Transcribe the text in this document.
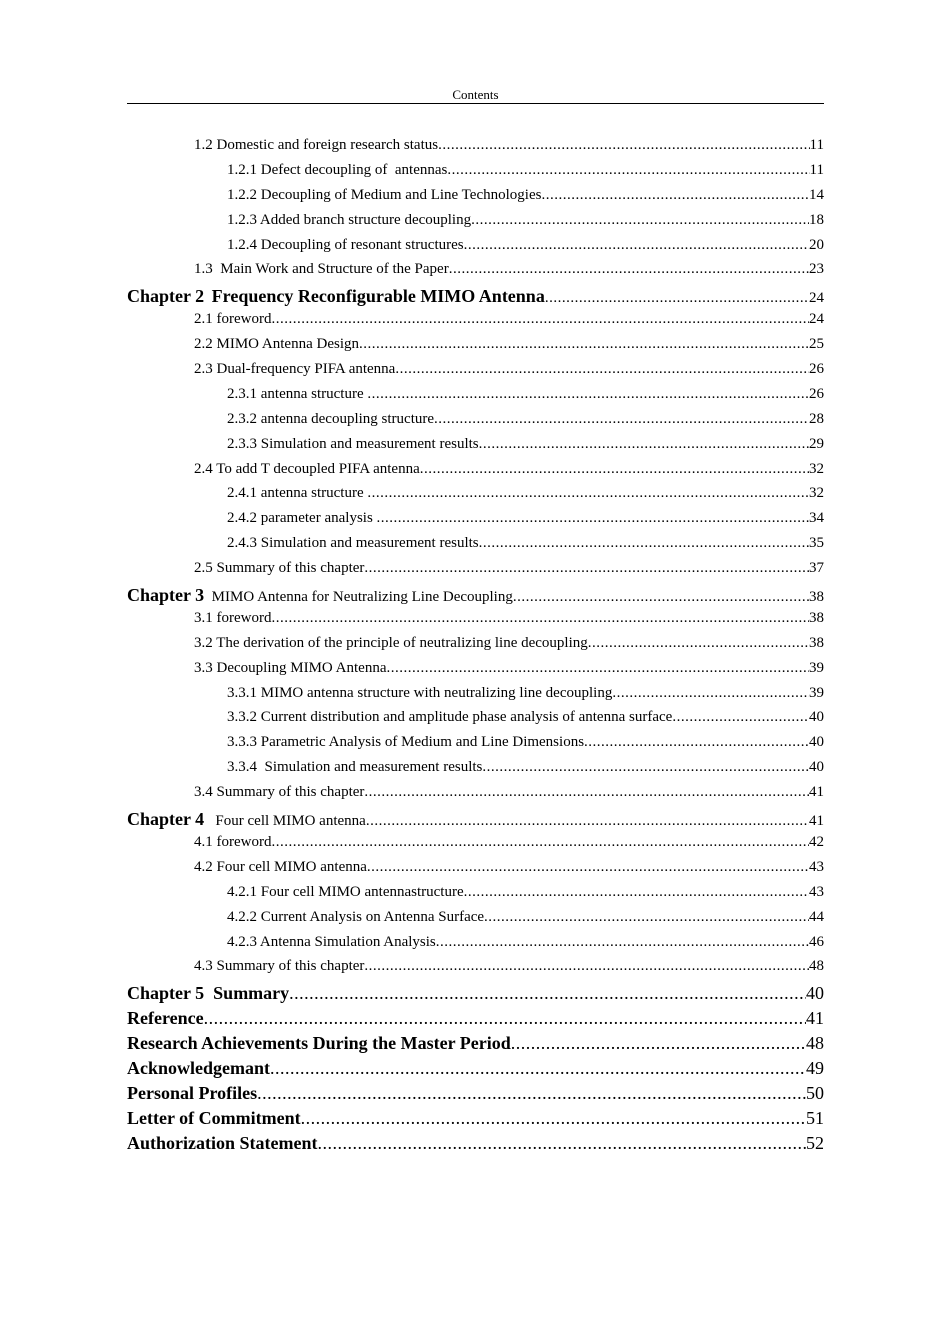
Contents
1.2 Domestic and foreign research status .....	11
1.2.1 Defect decoupling of  antennas .....	11
1.2.2 Decoupling of Medium and Line Technologies .....	14
1.2.3 Added branch structure decoupling .....	18
1.2.4 Decoupling of resonant structures .....	20
1.3  Main Work and Structure of the Paper .....	23
Chapter 2 Frequency Reconfigurable MIMO Antenna .....	24
2.1 foreword .....	24
2.2 MIMO Antenna Design .....	25
2.3 Dual-frequency PIFA antenna .....	26
2.3.1 antenna structure .....	26
2.3.2 antenna decoupling structure .....	28
2.3.3 Simulation and measurement results .....	29
2.4 To add T decoupled PIFA antenna .....	32
2.4.1 antenna structure .....	32
2.4.2 parameter analysis .....	34
2.4.3 Simulation and measurement results .....	35
2.5 Summary of this chapter .....	37
Chapter 3 MIMO Antenna for Neutralizing Line Decoupling .....	38
3.1 foreword .....	38
3.2 The derivation of the principle of neutralizing line decoupling .....	38
3.3 Decoupling MIMO Antenna .....	39
3.3.1 MIMO antenna structure with neutralizing line decoupling .....	39
3.3.2 Current distribution and amplitude phase analysis of antenna surface .....	40
3.3.3 Parametric Analysis of Medium and Line Dimensions .....	40
3.3.4  Simulation and measurement results .....	40
3.4 Summary of this chapter .....	41
Chapter 4   Four cell MIMO antenna .....	41
4.1 foreword .....	42
4.2 Four cell MIMO antenna .....	43
4.2.1 Four cell MIMO antennastructure .....	43
4.2.2 Current Analysis on Antenna Surface .....	44
4.2.3 Antenna Simulation Analysis .....	46
4.3 Summary of this chapter .....	48
Chapter 5  Summary .....	40
Reference .....	41
Research Achievements During the Master Period .....	48
Acknowledgemant .....	49
Personal Profiles .....	50
Letter of Commitment .....	51
Authorization Statement .....	52
